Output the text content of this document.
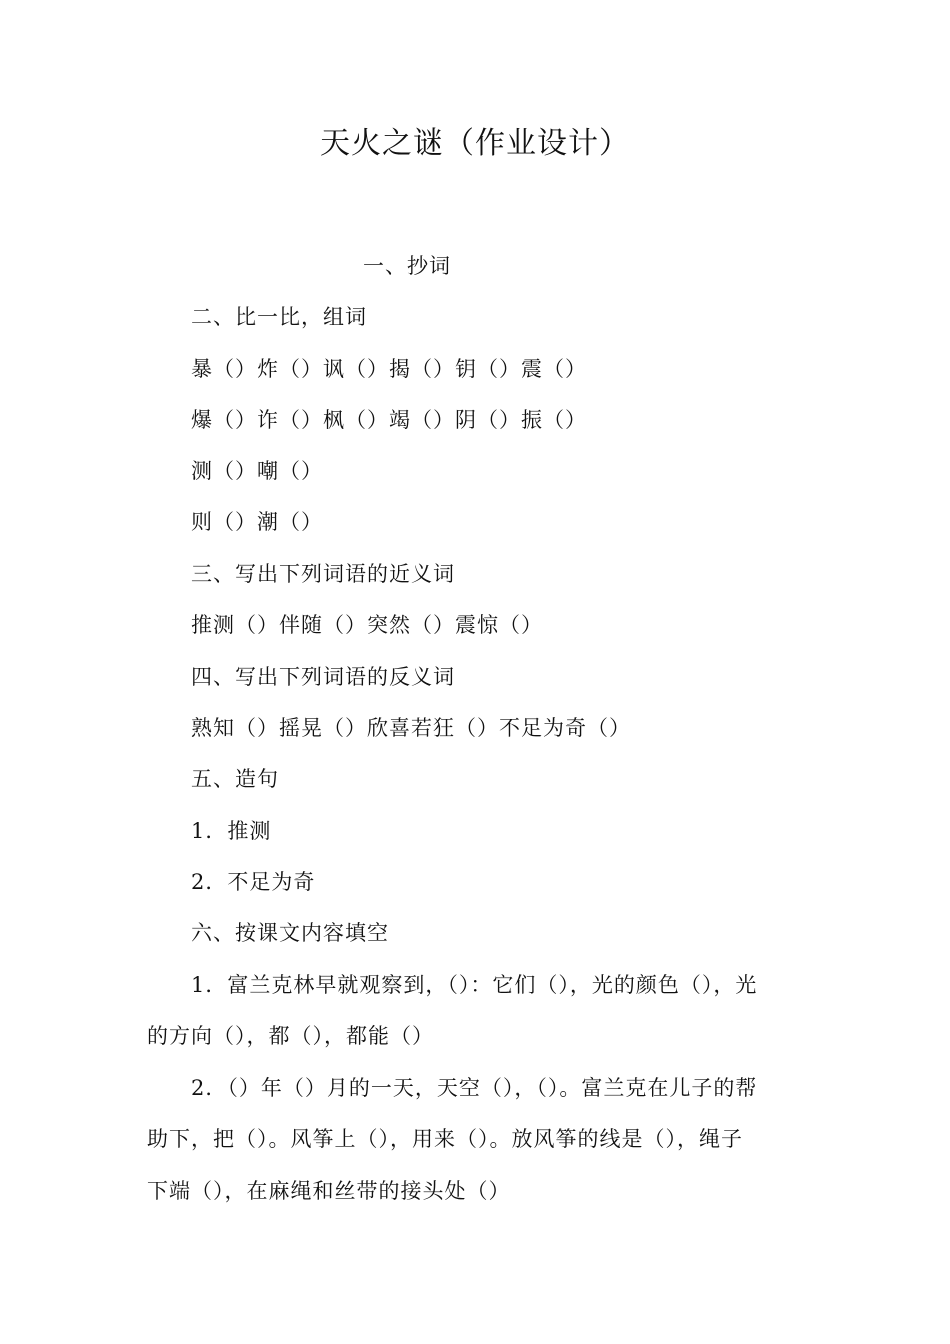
天火之谜（作业设计）
一、抄词
二、比一比，组词
暴（）炸（）讽（）揭（）钥（）震（）
爆（）诈（）枫（）竭（）阴（）振（）
测（）嘲（）
则（）潮（）
三、写出下列词语的近义词
推测（）伴随（）突然（）震惊（）
四、写出下列词语的反义词
熟知（）摇晃（）欣喜若狂（）不足为奇（）
五、造句
1．推测
2．不足为奇
六、按课文内容填空
1．富兰克林早就观察到，（）：它们（），光的颜色（），光
的方向（），都（），都能（）
2．（）年（）月的一天，天空（），（）。富兰克在儿子的帮
助下，把（）。风筝上（），用来（）。放风筝的线是（），绳子
下端（），在麻绳和丝带的接头处（）
